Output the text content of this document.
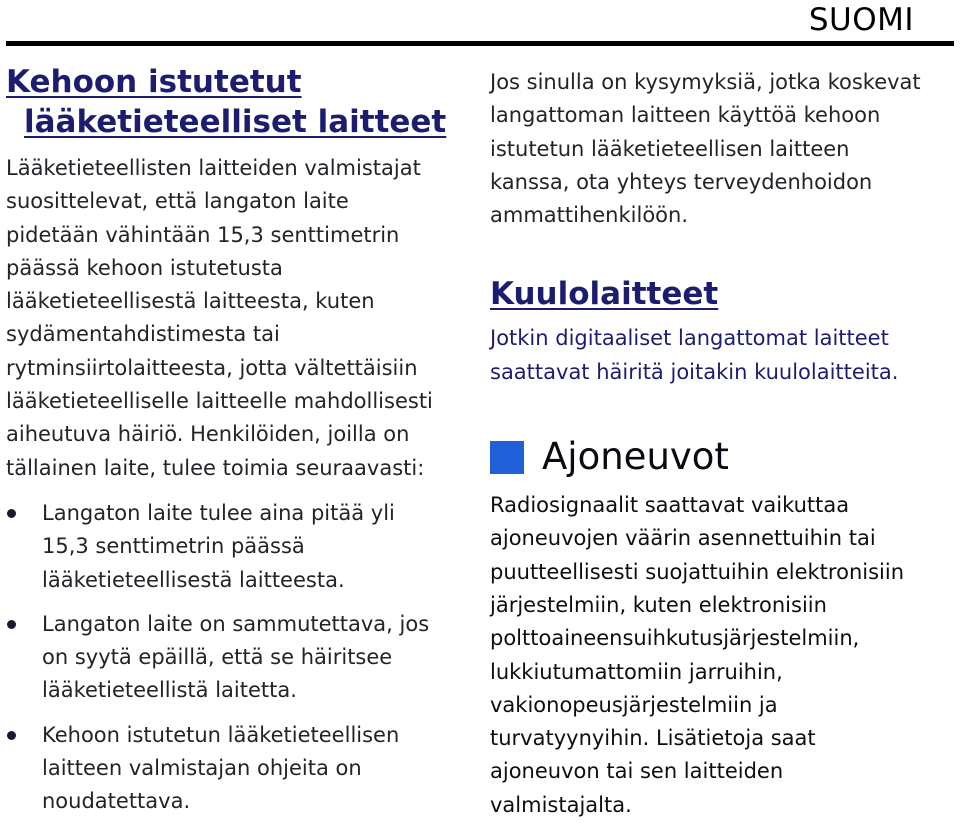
SUOMI
Kehoon istutetut

lääketieteelliset laitteet

Lääketieteellisten laitteiden valmistajat
suosittelevat, että langaton laite
pidetään vähintään 15,3 senttimetrin
päässä kehoon istutetusta
lääketieteellisestä laitteesta, kuten
sydämentahdistimesta tai
rytminsiirtolaitteesta, jotta vältettäisiin
lääketieteelliselle laitteelle mahdollisesti
aiheutuva häiriö. Henkilöiden, joilla on
tällainen laite, tulee toimia seuraavasti:

Langaton laite tulee aina pitää yli
15,3 senttimetrin päässä
lääketieteellisestä laitteesta.
Langaton laite on sammutettava, jos
on syytä epäillä, että se häiritsee
lääketieteellistä laitetta.
Kehoon istutetun lääketieteellisen
laitteen valmistajan ohjeita on
noudatettava.

Jos sinulla on kysymyksiä, jotka koskevat
langattoman laitteen käyttöä kehoon
istutetun lääketieteellisen laitteen
kanssa, ota yhteys terveydenhoidon
ammattihenkilöön.

Kuulolaitteet

Jotkin digitaaliset langattomat laitteet
saattavat häiritä joitakin kuulolaitteita.

Ajoneuvot

Radiosignaalit saattavat vaikuttaa
ajoneuvojen väärin asennettuihin tai
puutteellisesti suojattuihin elektronisiin
järjestelmiin, kuten elektronisiin
polttoaineensuihkutusjärjestelmiin,
lukkiutumattomiin jarruihin,
vakionopeusjärjestelmiin ja
turvatyynyihin. Lisätietoja saat
ajoneuvon tai sen laitteiden
valmistajalta.
